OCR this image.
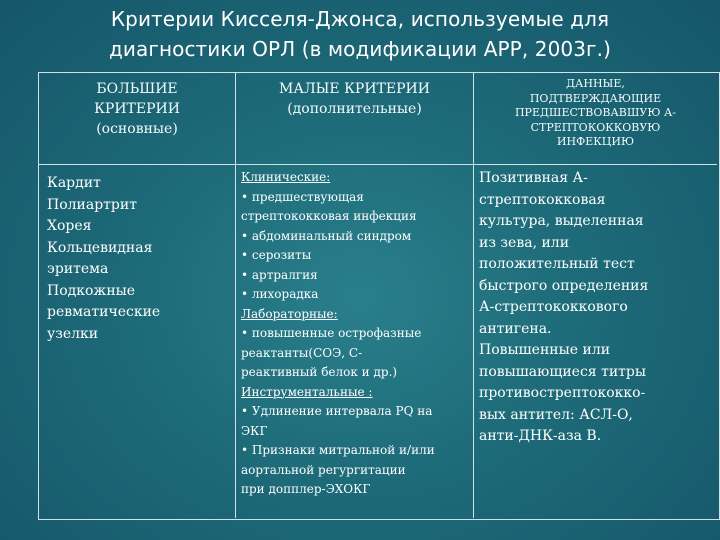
Критерии Кисселя-Джонса, используемые для
диагностики ОРЛ (в модификации APP, 2003г.)
БОЛЬШИЕ
КРИТЕРИИ
(основные)
МАЛЫЕ КРИТЕРИИ
(дополнительные)
ДАННЫЕ,
ПОДТВЕРЖДАЮЩИЕ
ПРЕДШЕСТВОВАВШУЮ А-
СТРЕПТОКОККОВУЮ
ИНФЕКЦИЮ
Кардит
Полиартрит
Хорея
Кольцевидная
эритема
Подкожные
ревматические
узелки
Клинические:
• предшествующая
стрептококковая инфекция
• абдоминальный синдром
• серозиты
• артралгия
• лихорадка
Лабораторные:
• повышенные острофазные
реактанты(СОЭ, С-
реактивный белок и др.)
Инструментальные :
• Удлинение интервала PQ на
ЭКГ
• Признаки митральной и/или
аортальной регургитации
при допплер-ЭХОКГ
Позитивная А-
стрептококковая
культура, выделенная
из зева, или
положительный тест
быстрого определения
А-стрептококкового
антигена.
Повышенные или
повышающиеся титры
противострептококко-
вых антител: АСЛ-О,
анти-ДНК-аза В.
